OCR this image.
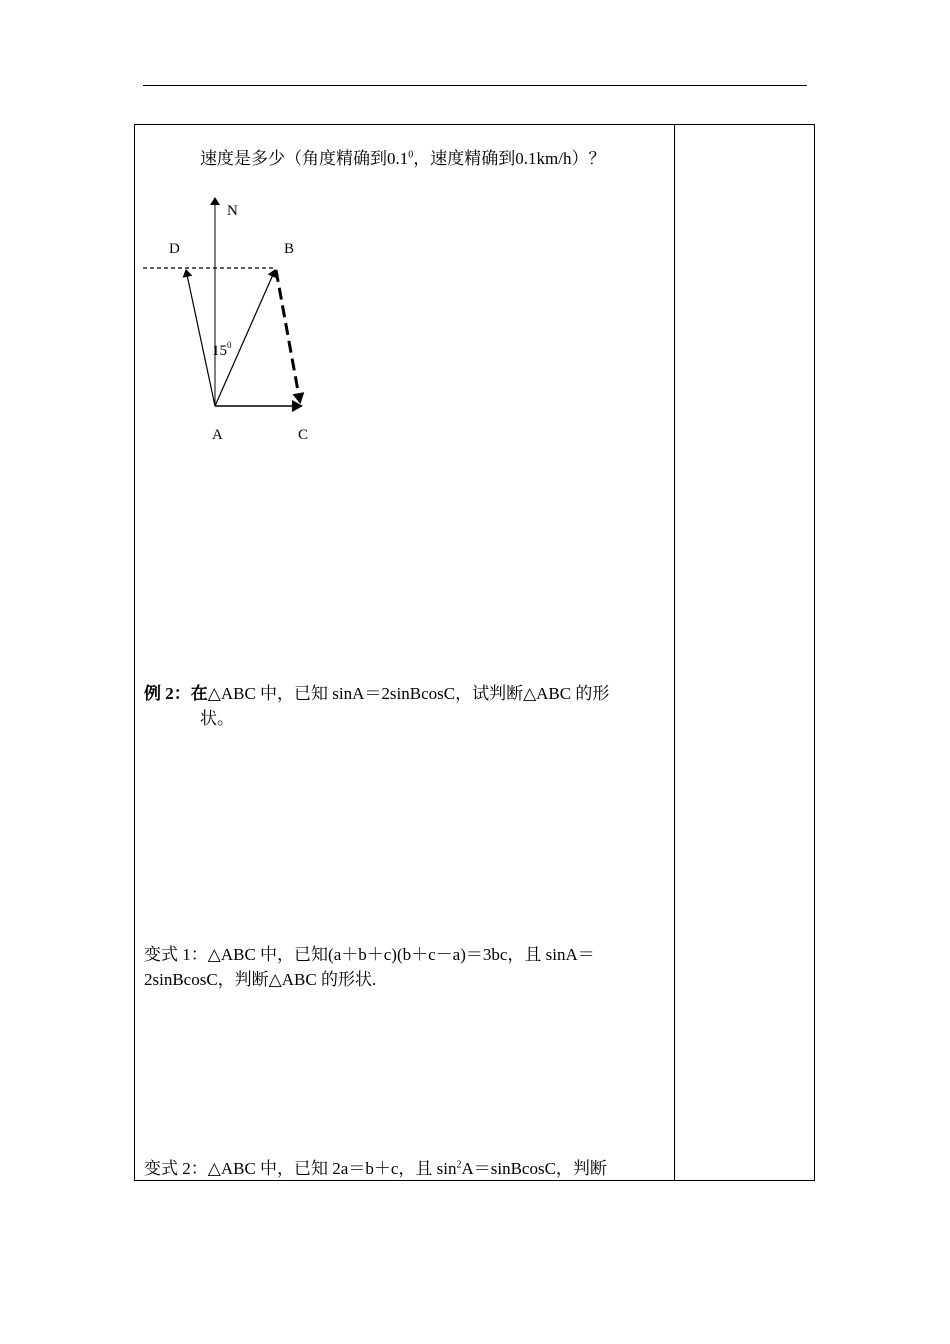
速度是多少（角度精确到$0.1^0$，速度精确到0.1km/h）？
N
D	B
A	C
$15^0$
例 2：在△ABC 中，已知 sinA＝2sinBcosC，试判断△ABC 的形
状。
变式 1：△ABC 中，已知(a＋b＋c)(b＋c－a)＝3bc，且 sinA＝
2sinBcosC，判断△ABC 的形状.
变式 2：△ABC 中，已知 2a＝b＋c，且 $\sin^2A=sinBcosC$，判断
